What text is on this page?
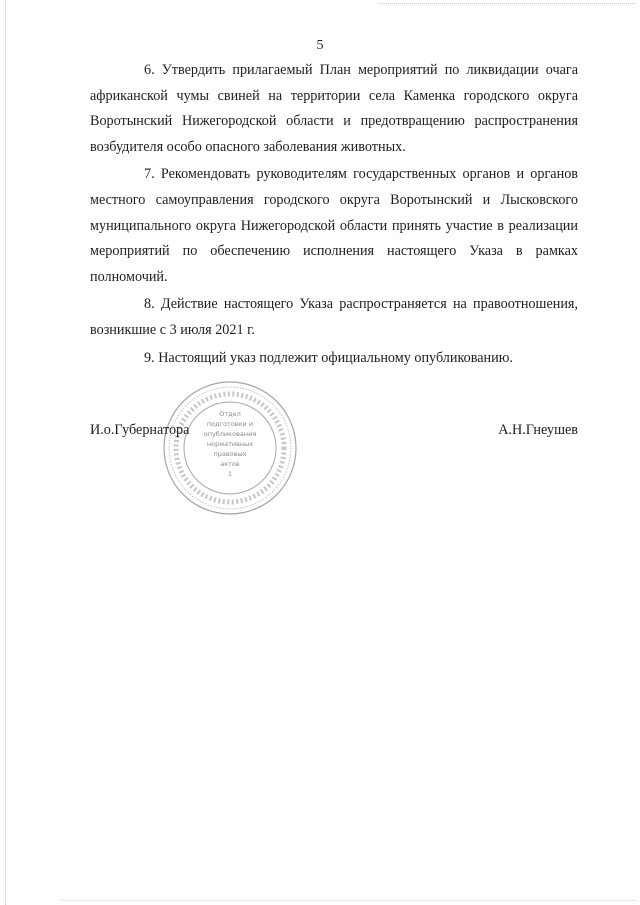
5

6. Утвердить прилагаемый План мероприятий по ликвидации очага африканской чумы свиней на территории села Каменка городского округа Воротынский Нижегородской области и предотвращению распространения возбудителя особо опасного заболевания животных.

7. Рекомендовать руководителям государственных органов и органов местного самоуправления городского округа Воротынский и Лысковского муниципального округа Нижегородской области принять участие в реализации мероприятий по обеспечению исполнения настоящего Указа в рамках полномочий.

8. Действие настоящего Указа распространяется на правоотношения, возникшие с 3 июля 2021 г.

9. Настоящий указ подлежит официальному опубликованию.

Отдел
подготовки и
опубликования
нормативных
правовых
актов
1
И.о.Губернатора	А.Н.Гнеушев
